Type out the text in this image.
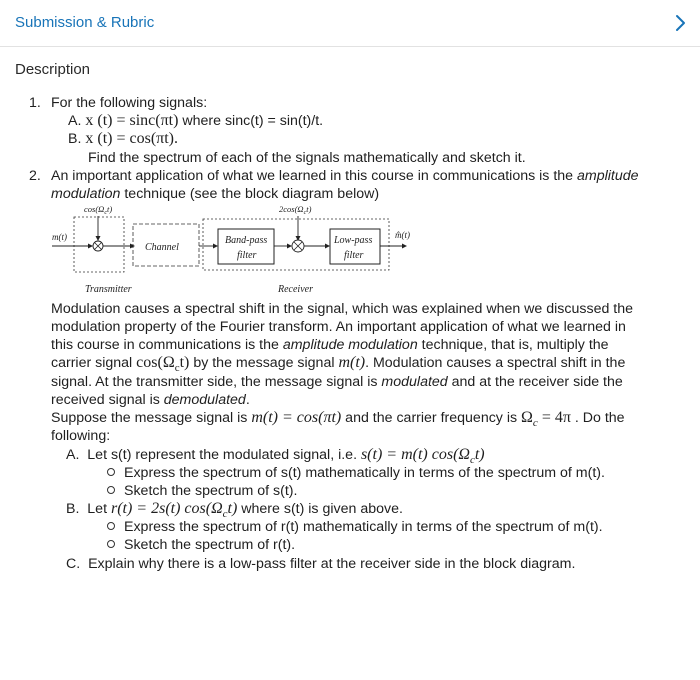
Submission & Rubric
Description
1. For the following signals:
A. x (t) = sinc(πt) where sinc(t) = sin(t)/t.
B. x (t) = cos(πt).
Find the spectrum of each of the signals mathematically and sketch it.
2. An important application of what we learned in this course in communications is the amplitude
modulation technique (see the block diagram below)
m(t)
$\cos(\Omega_ct)$
Channel
Band-pass
filter
$2\cos(\Omega_ct)$
Low-pass
filter
m̂(t)
Transmitter	Receiver
Modulation causes a spectral shift in the signal, which was explained when we discussed the
modulation property of the Fourier transform. An important application of what we learned in
this course in communications is the amplitude modulation technique, that is, multiply the
carrier signal $\cos(\Omega_ct)$ by the message signal m(t). Modulation causes a spectral shift in the
signal. At the transmitter side, the message signal is modulated and at the receiver side the
received signal is demodulated.
Suppose the message signal is m(t) = cos(πt) and the carrier frequency is $\Omega_c = 4\pi$ . Do the
following:
A. Let s(t) represent the modulated signal, i.e. s(t) = m(t) $\cos(\Omega_ct)$
Express the spectrum of s(t) mathematically in terms of the spectrum of m(t).
Sketch the spectrum of s(t).
B. Let r(t) = 2s(t) $\cos(\Omega_ct)$ where s(t) is given above.
Express the spectrum of r(t) mathematically in terms of the spectrum of m(t).
Sketch the spectrum of r(t).
C. Explain why there is a low-pass filter at the receiver side in the block diagram.
